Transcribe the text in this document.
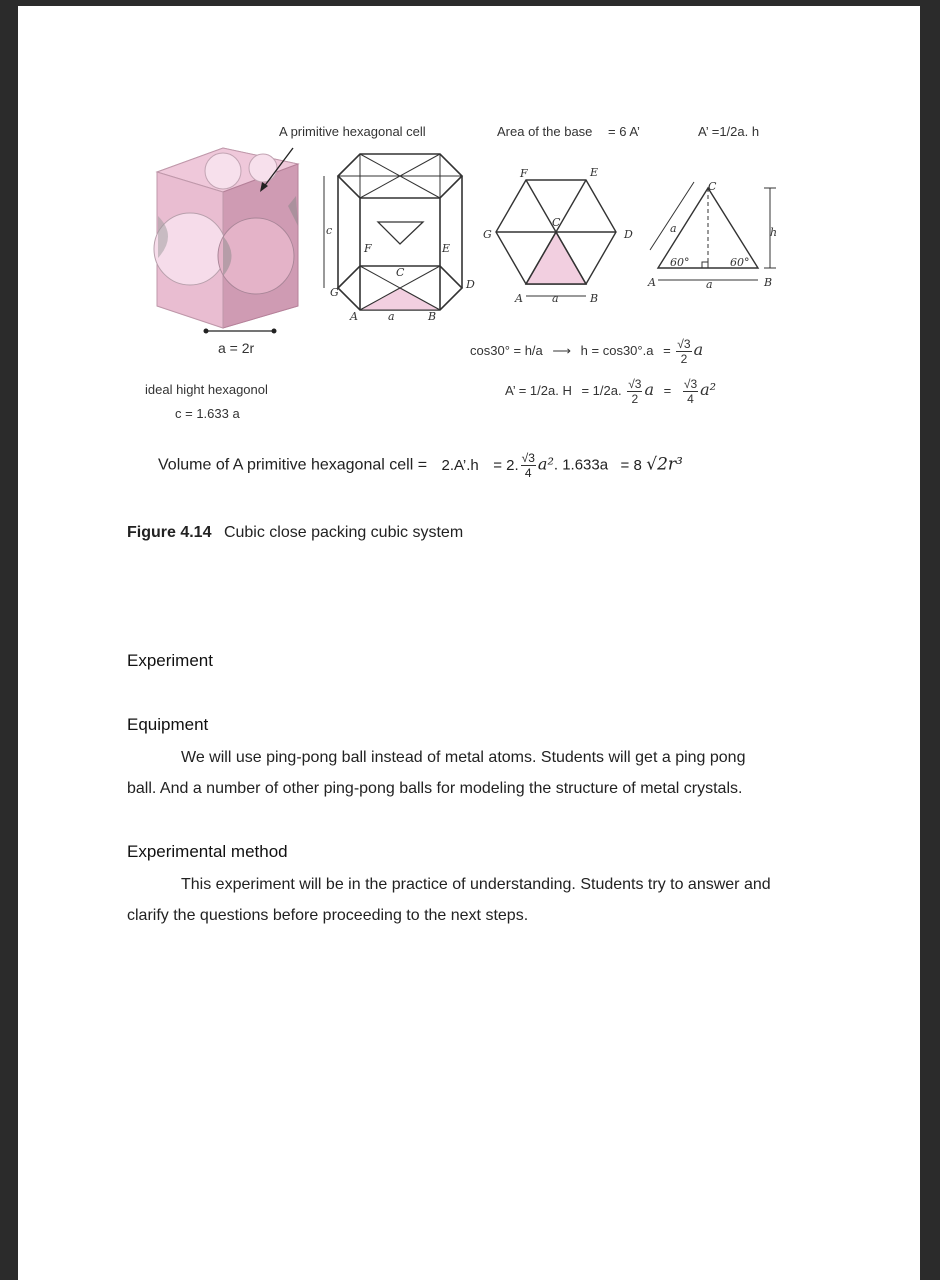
A primitive hexagonal cell	Area of the base = 6 A’	A’ =1/2a. h
c
G
F	E
C
D
A	a	B
F	E
G
C
D
A	a	B
C
a
60°	60°
h
A	a	B
a = 2r	cos30° = h/a ⟶ $h = \cos 30^\circ.a = \frac{√3}{2}$ a
ideal hight hexagonol
c = 1.633 a
A’ = 1/2a. H = 1/2a. $\frac{√3}{2}$ $a = \frac{√3}{4} a^2$
Volume of A primitive hexagonal cell = 2.A’.h = 2. $\frac{√3}{4} a^2$. 1.633a = 8 √2r³
Figure 4.14 Cubic close packing cubic system
Experiment
Equipment
We will use ping-pong ball instead of metal atoms. Students will get a ping pong
ball. And a number of other ping-pong balls for modeling the structure of metal crystals.
Experimental method
This experiment will be in the practice of understanding. Students try to answer and
clarify the questions before proceeding to the next steps.
